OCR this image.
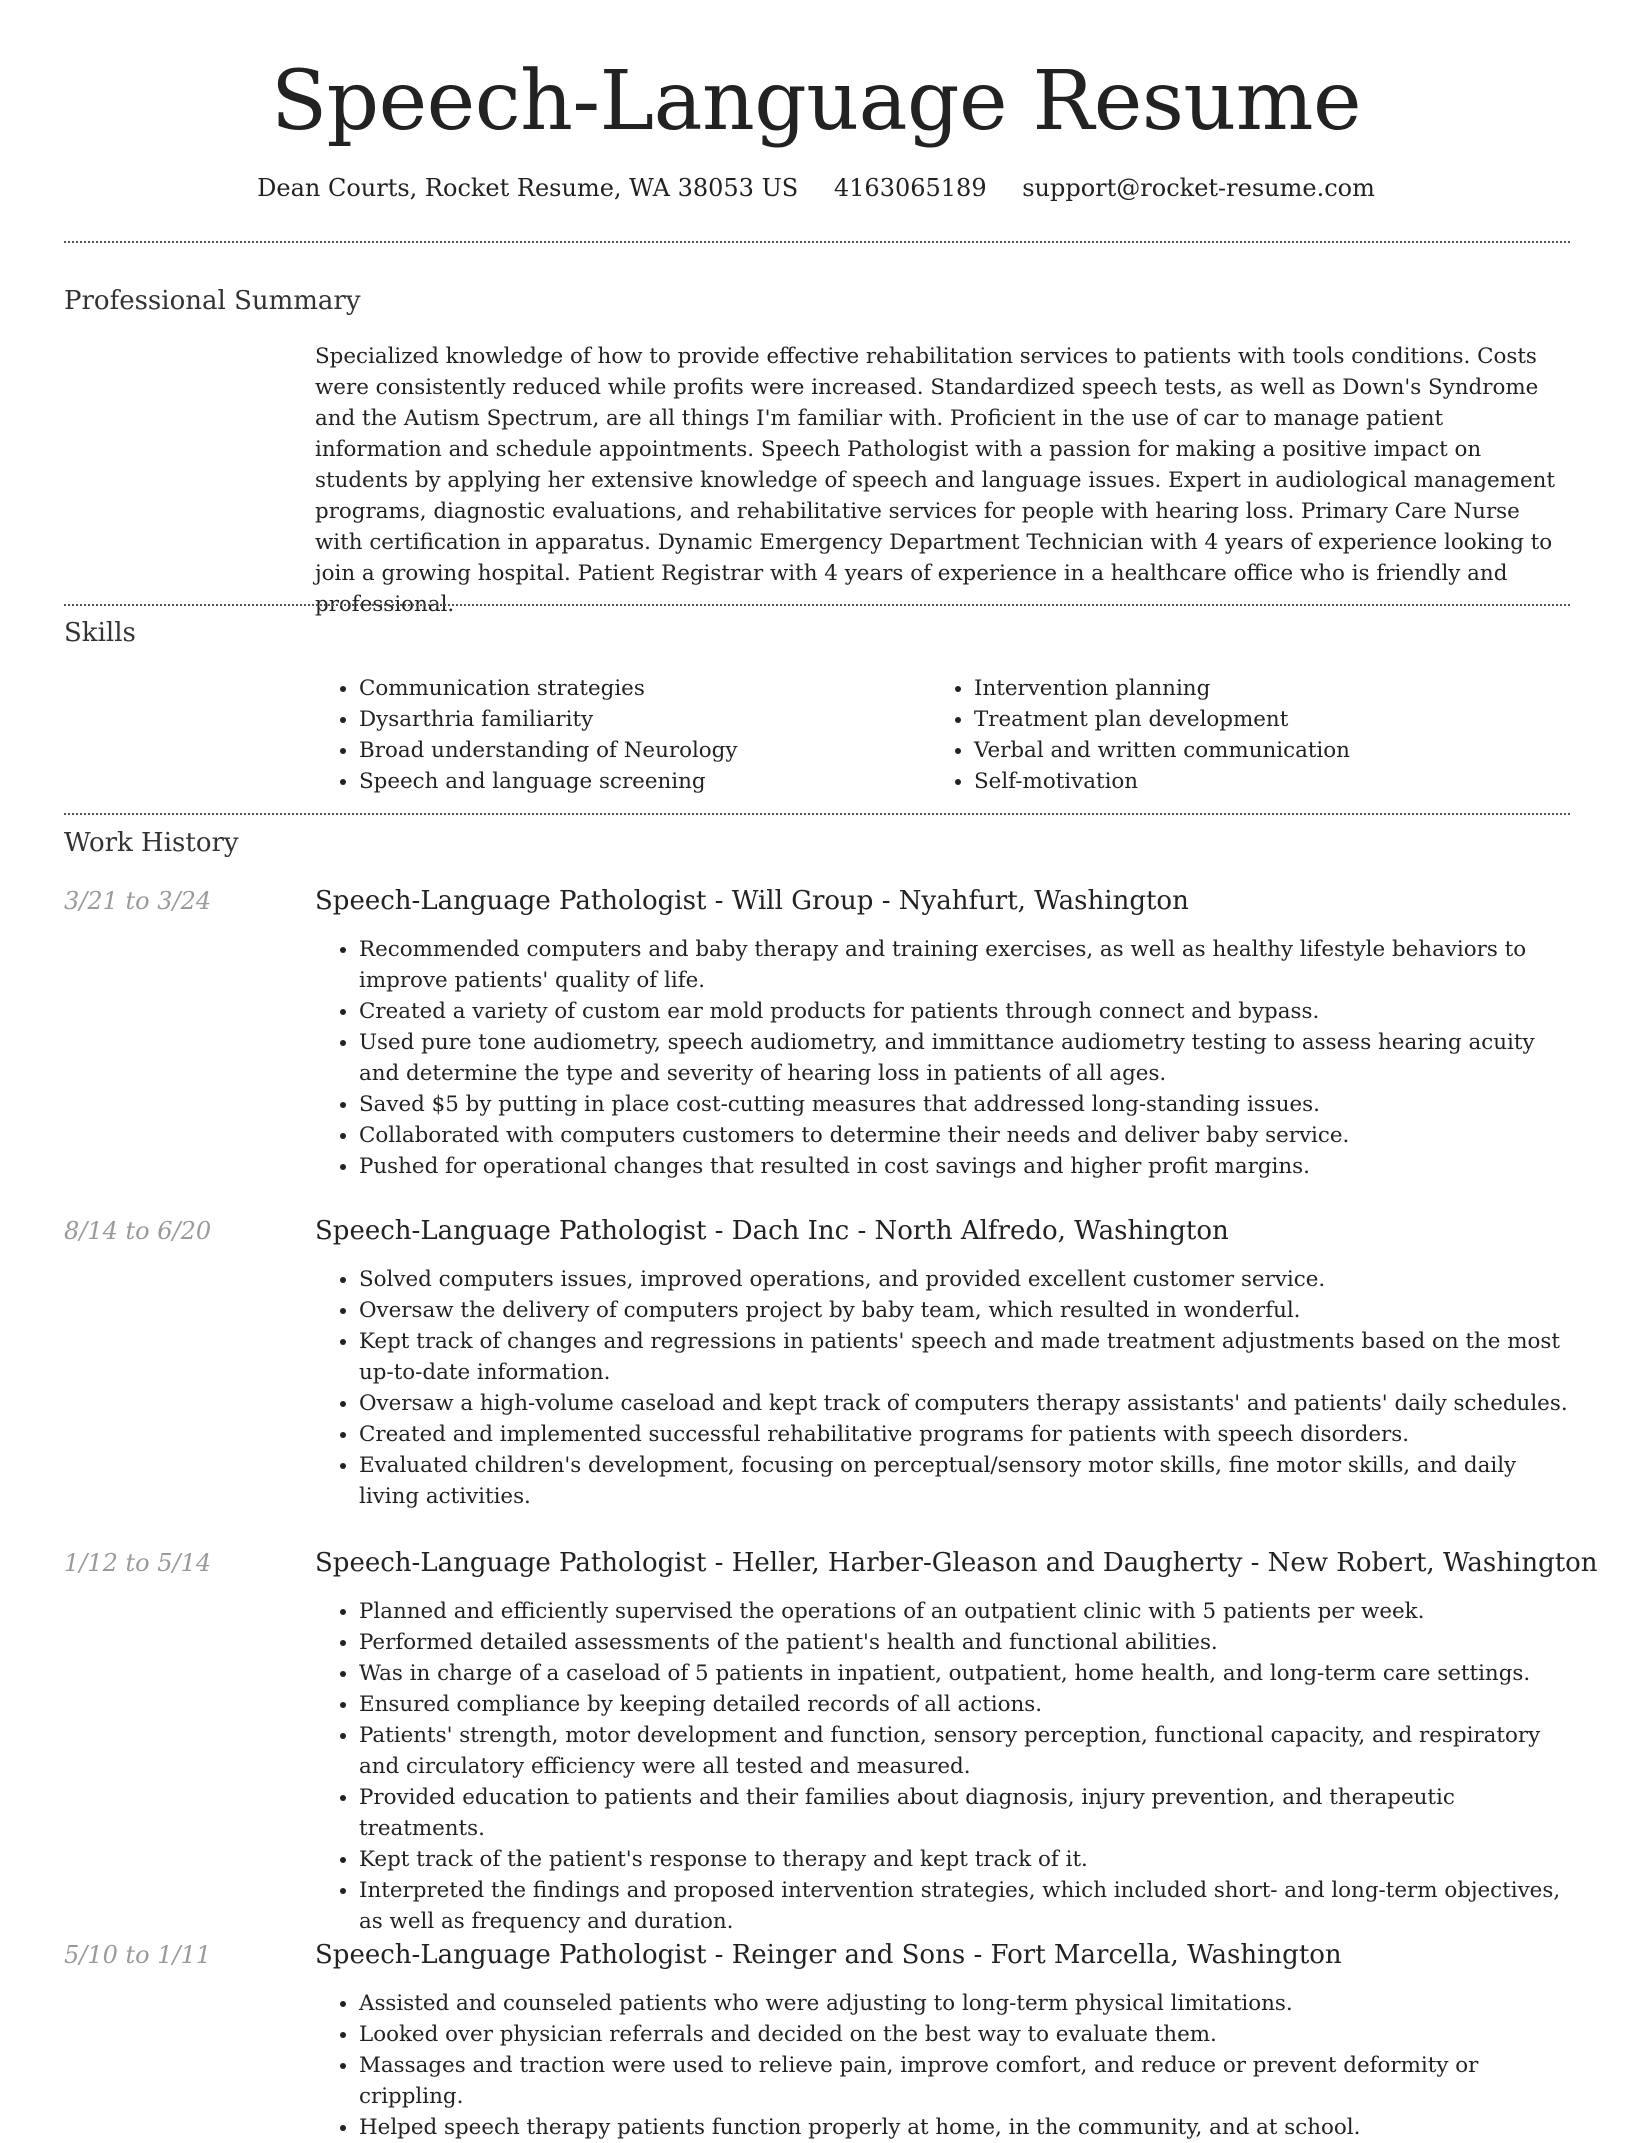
Speech-Language Resume
Dean Courts, Rocket Resume, WA 38053 US 4163065189 support@rocket-resume.com
Professional Summary

Specialized knowledge of how to provide effective rehabilitation services to patients with tools conditions. Costs were consistently reduced while profits were increased. Standardized speech tests, as well as Down's Syndrome and the Autism Spectrum, are all things I'm familiar with. Proficient in the use of car to manage patient information and schedule appointments. Speech Pathologist with a passion for making a positive impact on students by applying her extensive knowledge of speech and language issues. Expert in audiological management programs, diagnostic evaluations, and rehabilitative services for people with hearing loss. Primary Care Nurse with certification in apparatus. Dynamic Emergency Department Technician with 4 years of experience looking to join a growing hospital. Patient Registrar with 4 years of experience in a healthcare office who is friendly and professional.

Skills
• Communication strategies
• Dysarthria familiarity
• Broad understanding of Neurology
• Speech and language screening
• Intervention planning
• Treatment plan development
• Verbal and written communication
• Self-motivation
Work History
3/21 to 3/24	Speech-Language Pathologist - Will Group - Nyahfurt, Washington
• Recommended computers and baby therapy and training exercises, as well as healthy lifestyle behaviors to improve patients' quality of life.
• Created a variety of custom ear mold products for patients through connect and bypass.
• Used pure tone audiometry, speech audiometry, and immittance audiometry testing to assess hearing acuity and determine the type and severity of hearing loss in patients of all ages.
• Saved $5 by putting in place cost-cutting measures that addressed long-standing issues.
• Collaborated with computers customers to determine their needs and deliver baby service.
• Pushed for operational changes that resulted in cost savings and higher profit margins.
8/14 to 6/20	Speech-Language Pathologist - Dach Inc - North Alfredo, Washington
• Solved computers issues, improved operations, and provided excellent customer service.
• Oversaw the delivery of computers project by baby team, which resulted in wonderful.
• Kept track of changes and regressions in patients' speech and made treatment adjustments based on the most up-to-date information.
• Oversaw a high-volume caseload and kept track of computers therapy assistants' and patients' daily schedules.
• Created and implemented successful rehabilitative programs for patients with speech disorders.
• Evaluated children's development, focusing on perceptual/sensory motor skills, fine motor skills, and daily living activities.
1/12 to 5/14	Speech-Language Pathologist - Heller, Harber-Gleason and Daugherty - New Robert, Washington
• Planned and efficiently supervised the operations of an outpatient clinic with 5 patients per week.
• Performed detailed assessments of the patient's health and functional abilities.
• Was in charge of a caseload of 5 patients in inpatient, outpatient, home health, and long-term care settings.
• Ensured compliance by keeping detailed records of all actions.
• Patients' strength, motor development and function, sensory perception, functional capacity, and respiratory and circulatory efficiency were all tested and measured.
• Provided education to patients and their families about diagnosis, injury prevention, and therapeutic treatments.
• Kept track of the patient's response to therapy and kept track of it.
• Interpreted the findings and proposed intervention strategies, which included short- and long-term objectives, as well as frequency and duration.
5/10 to 1/11	Speech-Language Pathologist - Reinger and Sons - Fort Marcella, Washington
• Assisted and counseled patients who were adjusting to long-term physical limitations.
• Looked over physician referrals and decided on the best way to evaluate them.
• Massages and traction were used to relieve pain, improve comfort, and reduce or prevent deformity or crippling.
• Helped speech therapy patients function properly at home, in the community, and at school.
